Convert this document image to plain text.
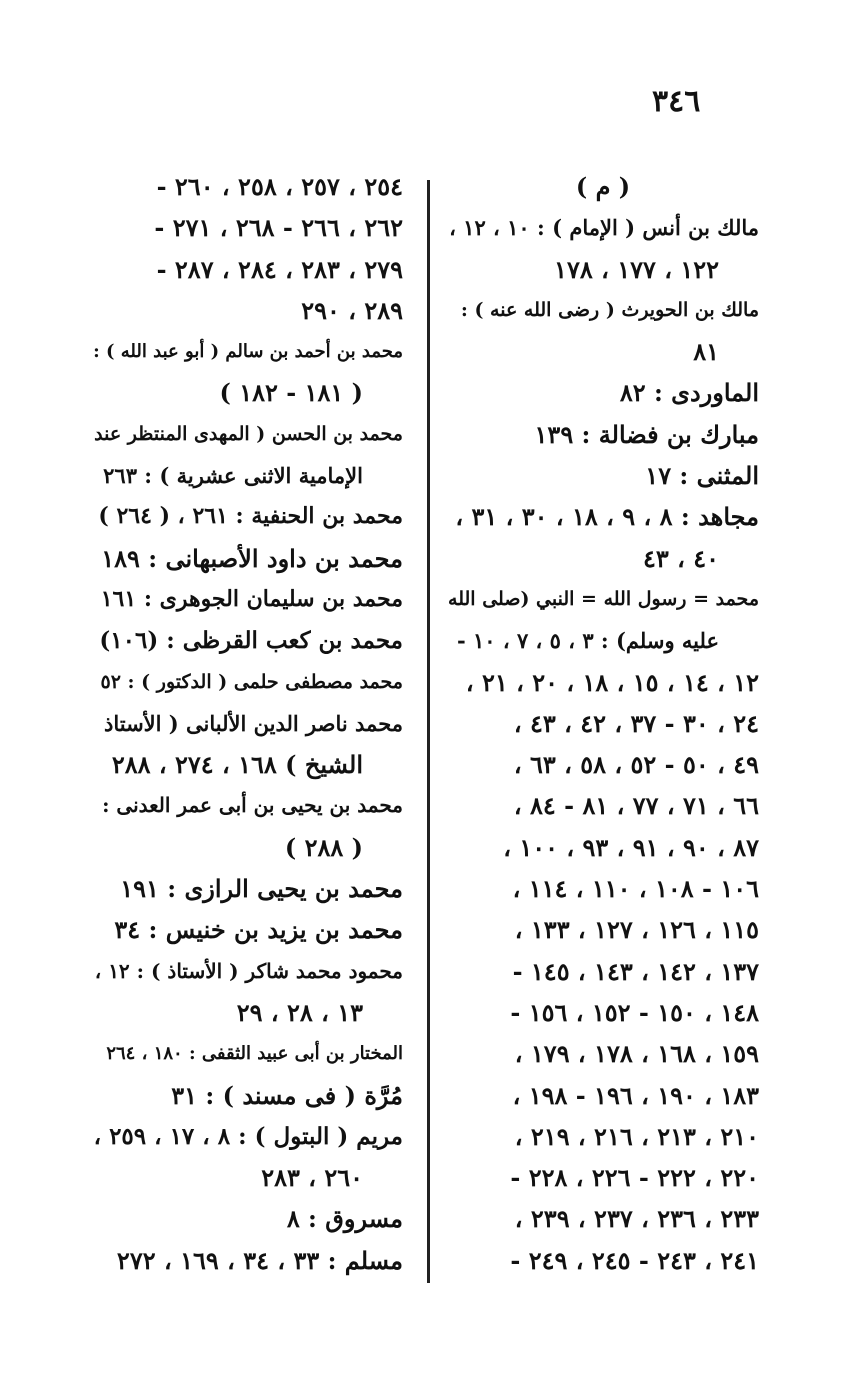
٣٤٦
( م )
مالك بن أنس ( الإمام ) : ١٠ ، ١٢ ،
١٢٢ ، ١٧٧ ، ١٧٨
مالك بن الحويرث ( رضى الله عنه ) :
٨١
الماوردى : ٨٢
مبارك بن فضالة : ١٣٩
المثنى : ١٧
مجاهد : ٨ ، ٩ ، ١٨ ، ٣٠ ، ٣١ ،
٤٠ ، ٤٣
محمد = رسول الله = النبي (صلى الله
عليه وسلم) : ٣ ، ٥ ، ٧ ، ١٠ -
١٢ ، ١٤ ، ١٥ ، ١٨ ، ٢٠ ، ٢١ ،
٢٤ ، ٣٠ - ٣٧ ، ٤٢ ، ٤٣ ،
٤٩ ، ٥٠ - ٥٢ ، ٥٨ ، ٦٣ ،
٦٦ ، ٧١ ، ٧٧ ، ٨١ - ٨٤ ،
٨٧ ، ٩٠ ، ٩١ ، ٩٣ ، ١٠٠ ،
١٠٦ - ١٠٨ ، ١١٠ ، ١١٤ ،
١١٥ ، ١٢٦ ، ١٢٧ ، ١٣٣ ،
١٣٧ ، ١٤٢ ، ١٤٣ ، ١٤٥ -
١٤٨ ، ١٥٠ - ١٥٢ ، ١٥٦ -
١٥٩ ، ١٦٨ ، ١٧٨ ، ١٧٩ ،
١٨٣ ، ١٩٠ ، ١٩٦ - ١٩٨ ،
٢١٠ ، ٢١٣ ، ٢١٦ ، ٢١٩ ،
٢٢٠ ، ٢٢٢ - ٢٢٦ ، ٢٢٨ -
٢٣٣ ، ٢٣٦ ، ٢٣٧ ، ٢٣٩ ،
٢٤١ ، ٢٤٣ - ٢٤٥ ، ٢٤٩ -
٢٥٤ ، ٢٥٧ ، ٢٥٨ ، ٢٦٠ -
٢٦٢ ، ٢٦٦ - ٢٦٨ ، ٢٧١ -
٢٧٩ ، ٢٨٣ ، ٢٨٤ ، ٢٨٧ -
٢٨٩ ، ٢٩٠
محمد بن أحمد بن سالم ( أبو عبد الله ) :
( ١٨١ - ١٨٢ )
محمد بن الحسن ( المهدى المنتظر عند
الإمامية الاثنى عشرية ) : ٢٦٣
محمد بن الحنفية : ٢٦١ ، ( ٢٦٤ )
محمد بن داود الأصبهانى : ١٨٩
محمد بن سليمان الجوهرى : ١٦١
محمد بن كعب القرظى : (١٠٦)
محمد مصطفى حلمى ( الدكتور ) : ٥٢
محمد ناصر الدين الألبانى ( الأستاذ
الشيخ ) ١٦٨ ، ٢٧٤ ، ٢٨٨
محمد بن يحيى بن أبى عمر العدنى :
( ٢٨٨ )
محمد بن يحيى الرازى : ١٩١
محمد بن يزيد بن خنيس : ٣٤
محمود محمد شاكر ( الأستاذ ) : ١٢ ،
١٣ ، ٢٨ ، ٢٩
المختار بن أبى عبيد الثقفى : ١٨٠ ، ٢٦٤
مُرَّة ( فى مسند ) : ٣١
مريم ( البتول ) : ٨ ، ١٧ ، ٢٥٩ ،
٢٦٠ ، ٢٨٣
مسروق : ٨
مسلم : ٣٣ ، ٣٤ ، ١٦٩ ، ٢٧٢
